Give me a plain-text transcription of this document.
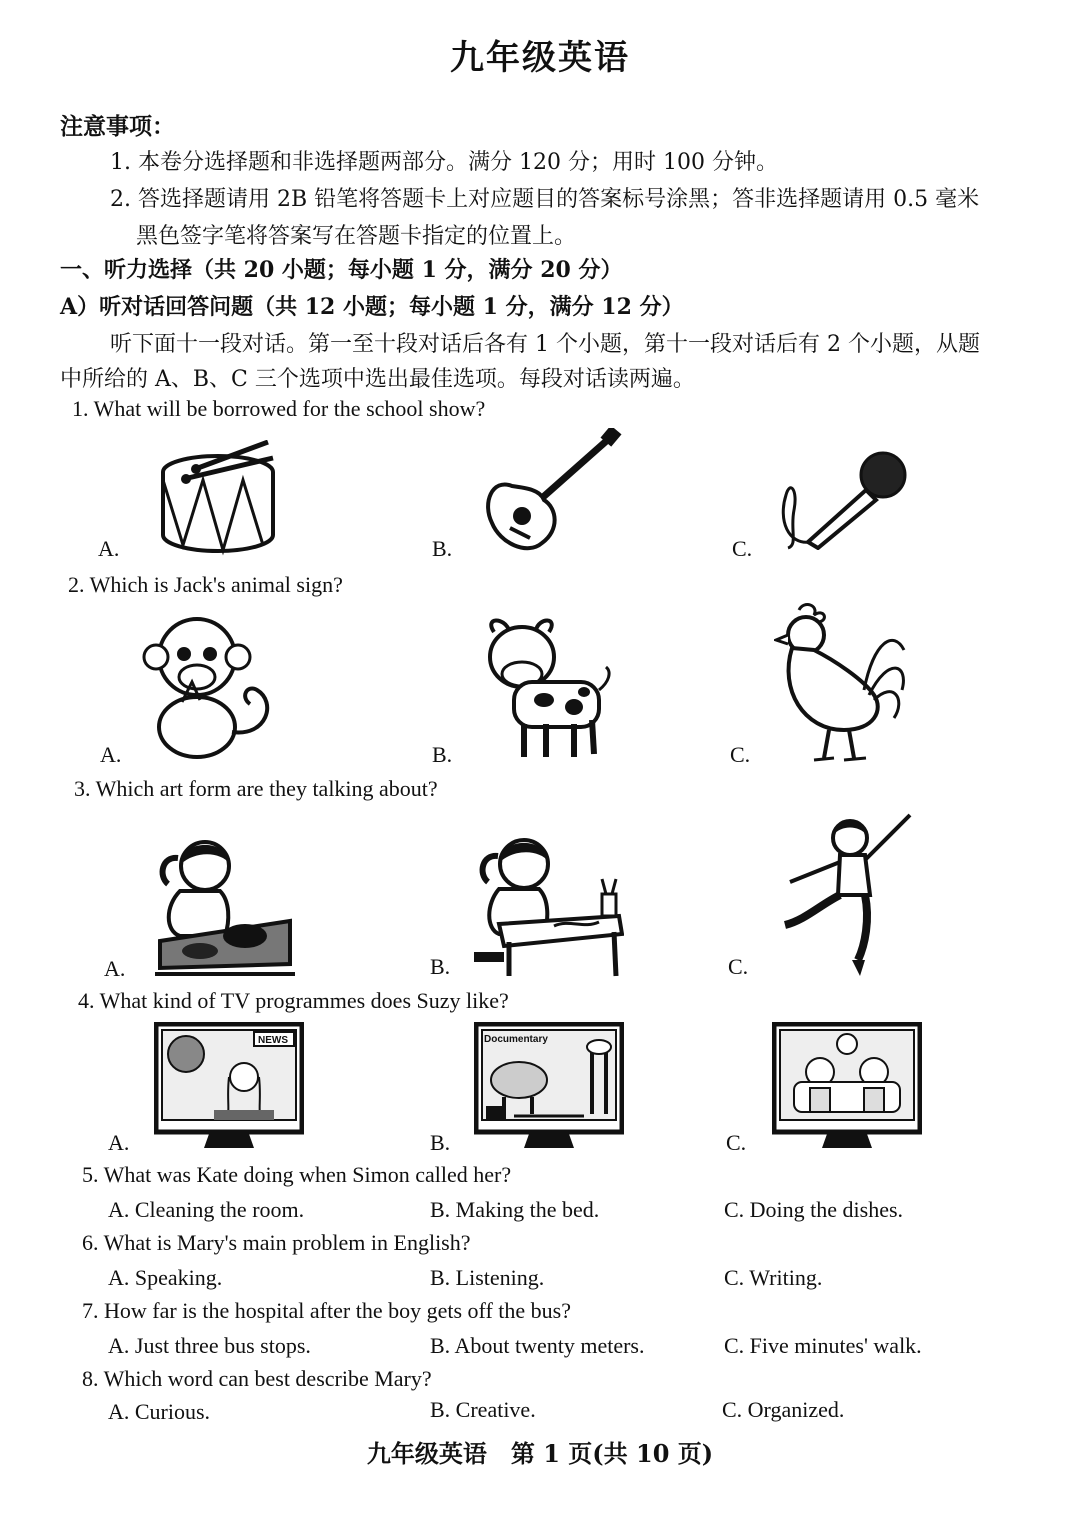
九年级英语
注意事项：
1. 本卷分选择题和非选择题两部分。满分 120 分；用时 100 分钟。
2. 答选择题请用 2B 铅笔将答题卡上对应题目的答案标号涂黑；答非选择题请用 0.5 毫米
黑色签字笔将答案写在答题卡指定的位置上。
一、听力选择（共 20 小题；每小题 1 分，满分 20 分）
A）听对话回答问题（共 12 小题；每小题 1 分，满分 12 分）
听下面十一段对话。第一至十段对话后各有 1 个小题，第十一段对话后有 2 个小题，从题
中所给的 A、B、C 三个选项中选出最佳选项。每段对话读两遍。
1. What will be borrowed for the school show?
A.	B.	C.
2. Which is Jack's animal sign?
A.	B.	C.
3. Which art form are they talking about?
A.	B.	C.
4. What kind of TV programmes does Suzy like?
A.	B.	C.
NEWS	Documentary
5. What was Kate doing when Simon called her?
A. Cleaning the room.	B. Making the bed.	C. Doing the dishes.
6. What is Mary's main problem in English?
A. Speaking.	B. Listening.	C. Writing.
7. How far is the hospital after the boy gets off the bus?
A. Just three bus stops.	B. About twenty meters.	C. Five minutes' walk.
8. Which word can best describe Mary?
A. Curious.	B. Creative.	C. Organized.
九年级英语　第 1 页(共 10 页)
